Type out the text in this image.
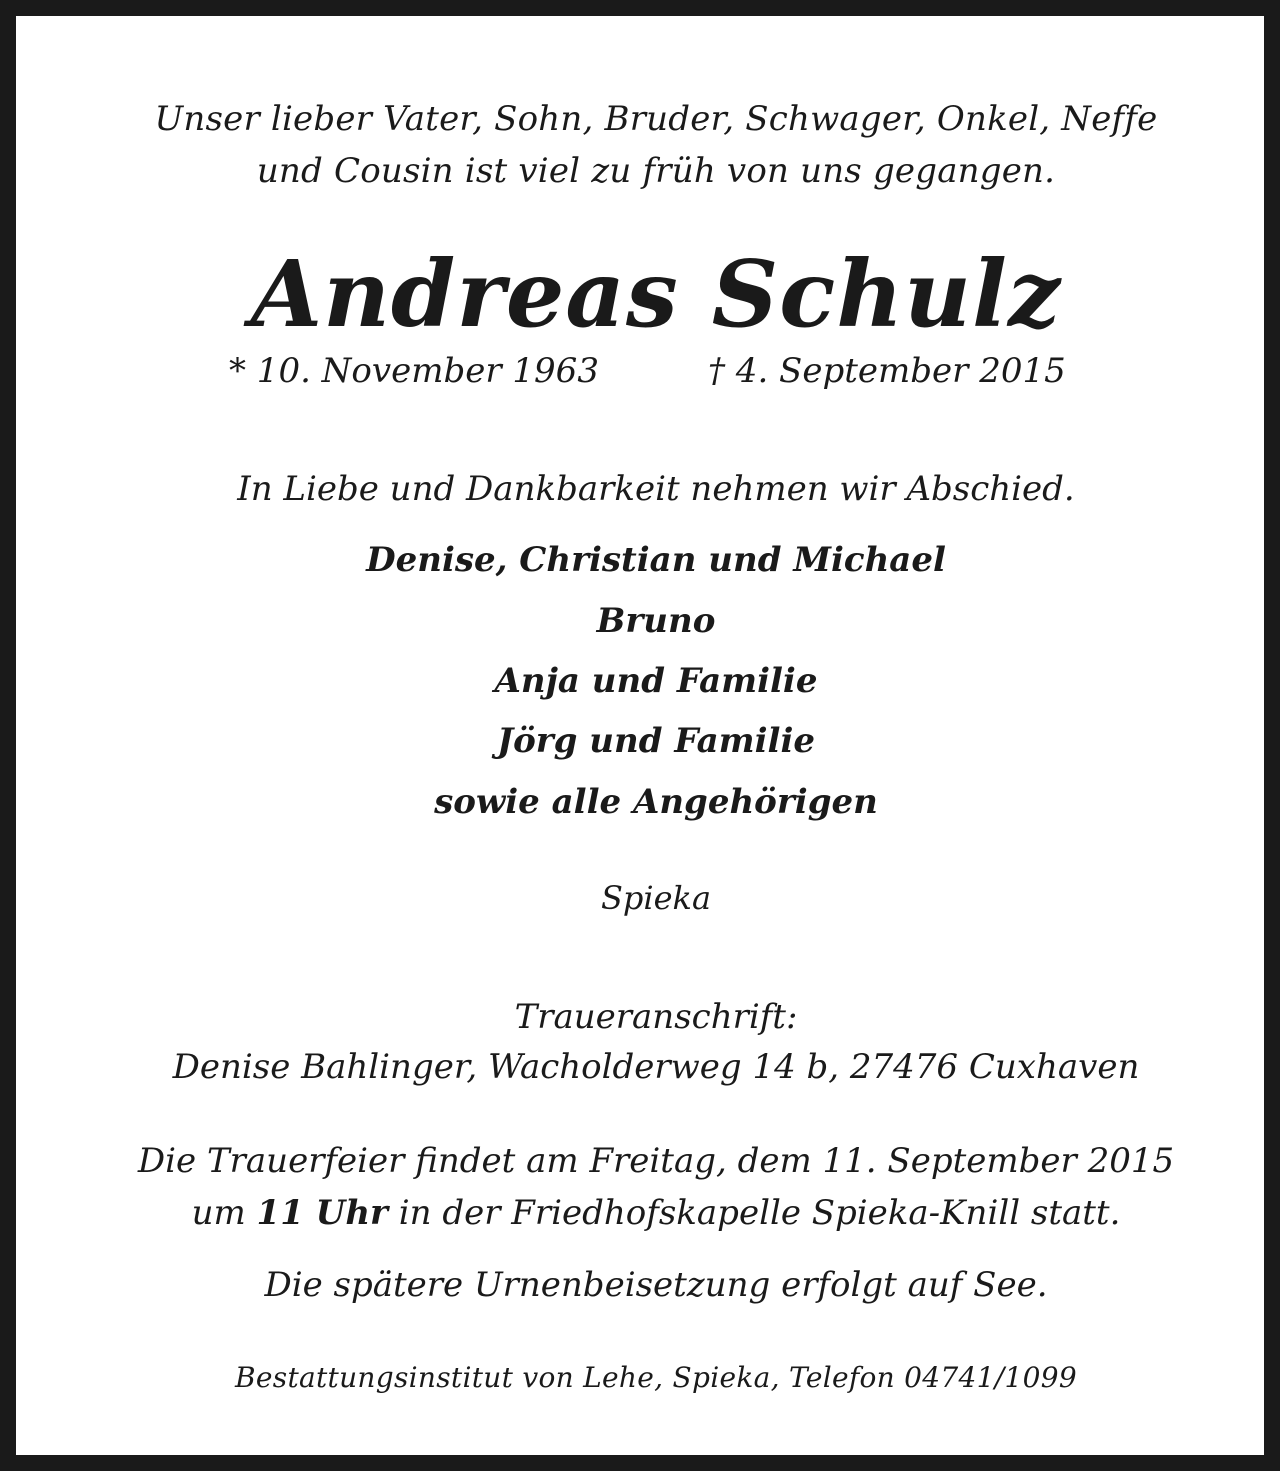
Unser lieber Vater, Sohn, Bruder, Schwager, Onkel, Neffe
und Cousin ist viel zu früh von uns gegangen.
Andreas Schulz
* 10. November 1963	† 4. September 2015
In Liebe und Dankbarkeit nehmen wir Abschied.
Denise, Christian und Michael
Bruno
Anja und Familie
Jörg und Familie
sowie alle Angehörigen
Spieka
Traueranschrift:
Denise Bahlinger, Wacholderweg 14 b, 27476 Cuxhaven
Die Trauerfeier findet am Freitag, dem 11. September 2015
um 11 Uhr in der Friedhofskapelle Spieka-Knill statt.
Die spätere Urnenbeisetzung erfolgt auf See.
Bestattungsinstitut von Lehe, Spieka, Telefon 04741/1099
